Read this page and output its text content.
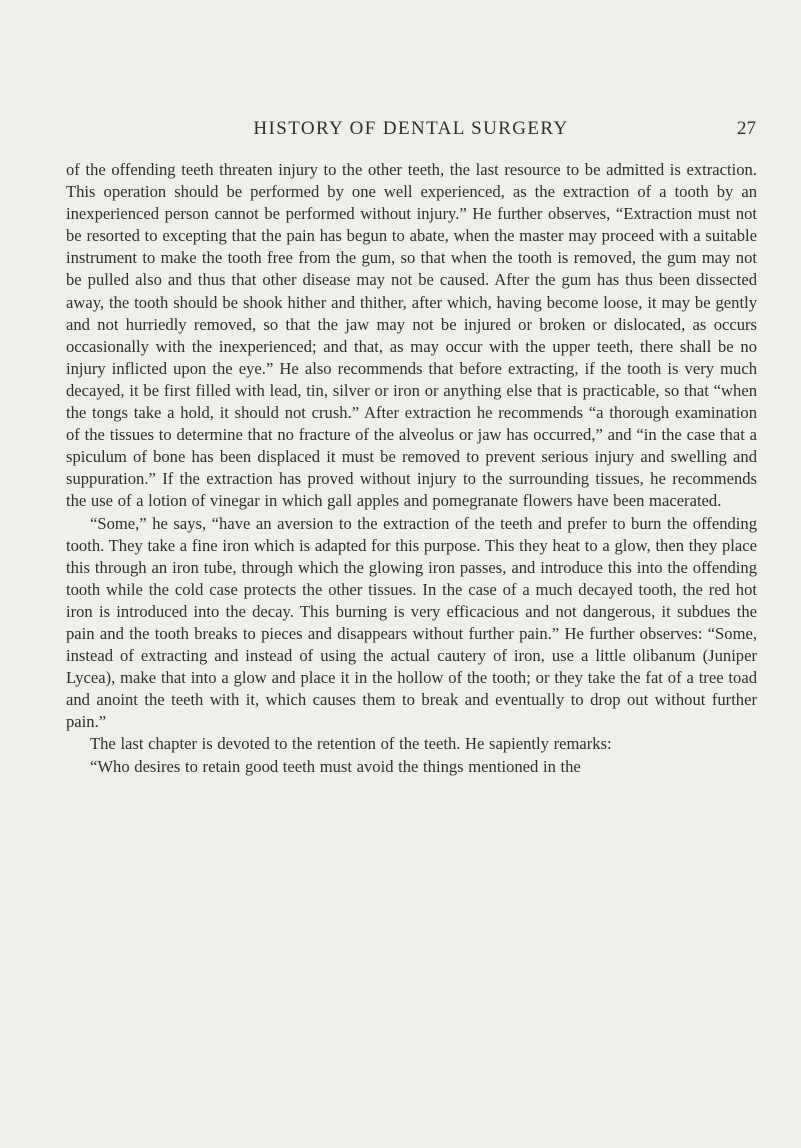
HISTORY OF DENTAL SURGERY	27

of the offending teeth threaten injury to the other teeth, the last resource to be admitted is extraction. This operation should be performed by one well experienced, as the extraction of a tooth by an inexperienced person cannot be performed without injury.” He further observes, “Extraction must not be resorted to excepting that the pain has begun to abate, when the master may proceed with a suitable instrument to make the tooth free from the gum, so that when the tooth is removed, the gum may not be pulled also and thus that other disease may not be caused. After the gum has thus been dissected away, the tooth should be shook hither and thither, after which, having become loose, it may be gently and not hurriedly removed, so that the jaw may not be injured or broken or dislocated, as occurs occasionally with the inexperienced; and that, as may occur with the upper teeth, there shall be no injury inflicted upon the eye.” He also recommends that before extracting, if the tooth is very much decayed, it be first filled with lead, tin, silver or iron or anything else that is practicable, so that “when the tongs take a hold, it should not crush.” After extraction he recommends “a thorough examination of the tissues to determine that no fracture of the alveolus or jaw has occurred,” and “in the case that a spiculum of bone has been displaced it must be removed to prevent serious injury and swelling and suppuration.” If the extraction has proved without injury to the surrounding tissues, he recommends the use of a lotion of vinegar in which gall apples and pomegranate flowers have been macerated.

“Some,” he says, “have an aversion to the extraction of the teeth and prefer to burn the offending tooth. They take a fine iron which is adapted for this purpose. This they heat to a glow, then they place this through an iron tube, through which the glowing iron passes, and introduce this into the offending tooth while the cold case protects the other tissues. In the case of a much decayed tooth, the red hot iron is introduced into the decay. This burning is very efficacious and not dangerous, it subdues the pain and the tooth breaks to pieces and disappears without further pain.” He further observes: “Some, instead of extracting and instead of using the actual cautery of iron, use a little olibanum (Juniper Lycea), make that into a glow and place it in the hollow of the tooth; or they take the fat of a tree toad and anoint the teeth with it, which causes them to break and eventually to drop out without further pain.”

The last chapter is devoted to the retention of the teeth. He sapiently remarks:

“Who desires to retain good teeth must avoid the things mentioned in the
